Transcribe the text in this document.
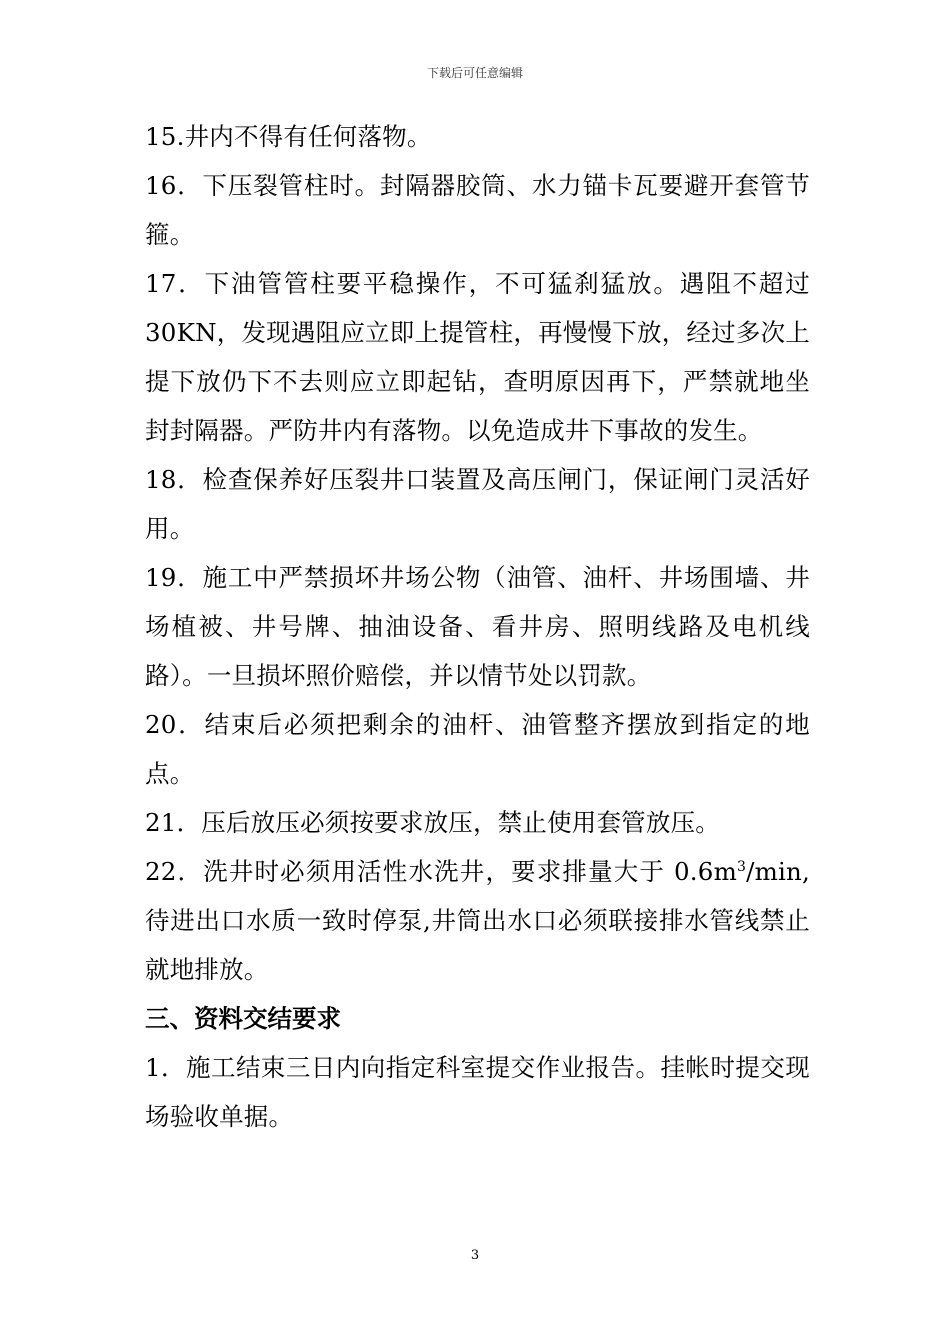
下载后可任意编辑

15.井内不得有任何落物。

16．下压裂管柱时。封隔器胶筒、水力锚卡瓦要避开套管节箍。

17．下油管管柱要平稳操作，不可猛刹猛放。遇阻不超过30KN，发现遇阻应立即上提管柱，再慢慢下放，经过多次上提下放仍下不去则应立即起钻，查明原因再下，严禁就地坐封封隔器。严防井内有落物。以免造成井下事故的发生。

18．检查保养好压裂井口装置及高压闸门，保证闸门灵活好用。

19．施工中严禁损坏井场公物（油管、油杆、井场围墙、井场植被、井号牌、抽油设备、看井房、照明线路及电机线路）。一旦损坏照价赔偿，并以情节处以罚款。

20．结束后必须把剩余的油杆、油管整齐摆放到指定的地点。

21．压后放压必须按要求放压，禁止使用套管放压。

22．洗井时必须用活性水洗井，要求排量大于 $0.6m^3/\min$,待进出口水质一致时停泵,井筒出水口必须联接排水管线禁止就地排放。

三、资料交结要求

1．施工结束三日内向指定科室提交作业报告。挂帐时提交现场验收单据。

3
